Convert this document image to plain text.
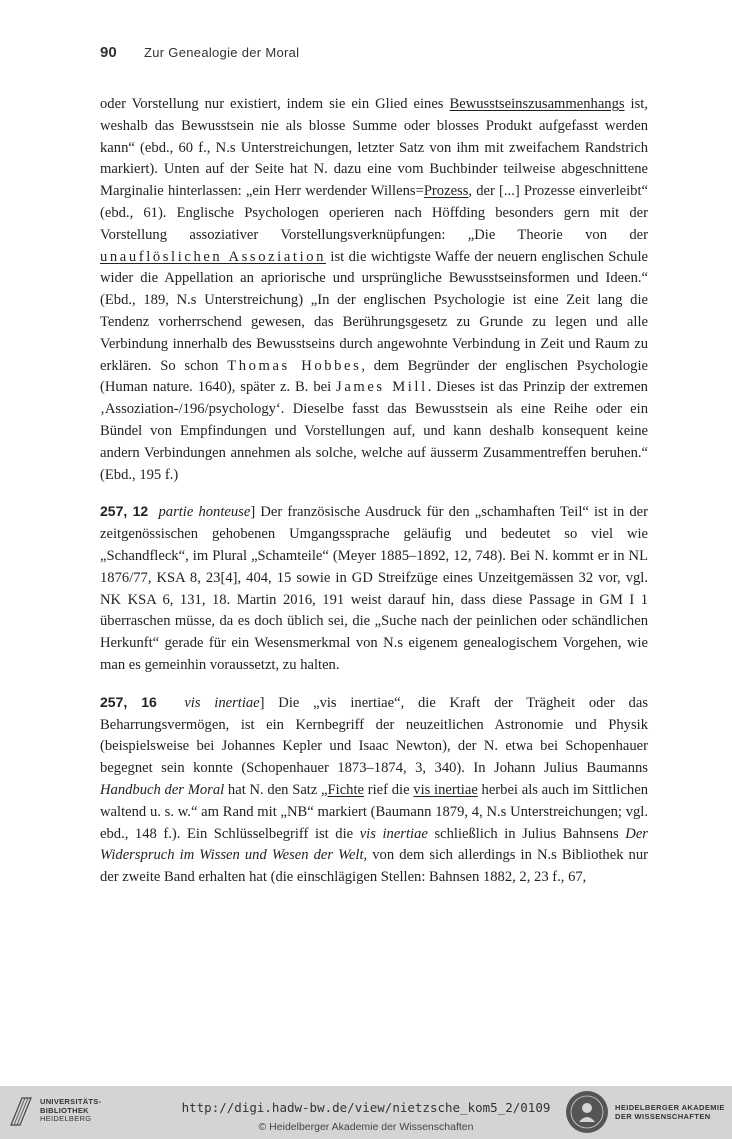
90 Zur Genealogie der Moral

oder Vorstellung nur existiert, indem sie ein Glied eines Bewusstseinszusammenhangs ist, weshalb das Bewusstsein nie als blosse Summe oder blosses Produkt aufgefasst werden kann“ (ebd., 60 f., N.s Unterstreichungen, letzter Satz von ihm mit zweifachem Randstrich markiert). Unten auf der Seite hat N. dazu eine vom Buchbinder teilweise abgeschnittene Marginalie hinterlassen: „ein Herr werdender Willens=Prozess, der [...] Prozesse einverleibt“ (ebd., 61). Englische Psychologen operieren nach Höffding besonders gern mit der Vorstellung assoziativer Vorstellungsverknüpfungen: „Die Theorie von der unauflöslichen Assoziation ist die wichtigste Waffe der neuern englischen Schule wider die Appellation an apriorische und ursprüngliche Bewusstseinsformen und Ideen.“ (Ebd., 189, N.s Unterstreichung) „In der englischen Psychologie ist eine Zeit lang die Tendenz vorherrschend gewesen, das Berührungsgesetz zu Grunde zu legen und alle Verbindung innerhalb des Bewusstseins durch angewohnte Verbindung in Zeit und Raum zu erklären. So schon Thomas Hobbes, dem Begründer der englischen Psychologie (Human nature. 1640), später z. B. bei James Mill. Dieses ist das Prinzip der extremen ‚Assoziation-/196/psychology‘. Dieselbe fasst das Bewusstsein als eine Reihe oder ein Bündel von Empfindungen und Vorstellungen auf, und kann deshalb konsequent keine andern Verbindungen annehmen als solche, welche auf äusserm Zusammentreffen beruhen.“ (Ebd., 195 f.)

257, 12 partie honteuse] Der französische Ausdruck für den „schamhaften Teil“ ist in der zeitgenössischen gehobenen Umgangssprache geläufig und bedeutet so viel wie „Schandfleck“, im Plural „Schamteile“ (Meyer 1885–1892, 12, 748). Bei N. kommt er in NL 1876/77, KSA 8, 23[4], 404, 15 sowie in GD Streifzüge eines Unzeitgemässen 32 vor, vgl. NK KSA 6, 131, 18. Martin 2016, 191 weist darauf hin, dass diese Passage in GM I 1 überraschen müsse, da es doch üblich sei, die „Suche nach der peinlichen oder schändlichen Herkunft“ gerade für ein Wesensmerkmal von N.s eigenem genealogischem Vorgehen, wie man es gemeinhin voraussetzt, zu halten.

257, 16 vis inertiae] Die „vis inertiae“, die Kraft der Trägheit oder das Beharrungsvermögen, ist ein Kernbegriff der neuzeitlichen Astronomie und Physik (beispielsweise bei Johannes Kepler und Isaac Newton), der N. etwa bei Schopenhauer begegnet sein konnte (Schopenhauer 1873–1874, 3, 340). In Johann Julius Baumanns Handbuch der Moral hat N. den Satz „Fichte rief die vis inertiae herbei als auch im Sittlichen waltend u. s. w.“ am Rand mit „NB“ markiert (Baumann 1879, 4, N.s Unterstreichungen; vgl. ebd., 148 f.). Ein Schlüsselbegriff ist die vis inertiae schließlich in Julius Bahnsens Der Widerspruch im Wissen und Wesen der Welt, von dem sich allerdings in N.s Bibliothek nur der zweite Band erhalten hat (die einschlägigen Stellen: Bahnsen 1882, 2, 23 f., 67,

UNIVERSITÄTS-
BIBLIOTHEK
HEIDELBERG
http://digi.hadw-bw.de/view/nietzsche_kom5_2/0109
© Heidelberger Akademie der Wissenschaften
HEIDELBERGER AKADEMIE
DER WISSENSCHAFTEN
